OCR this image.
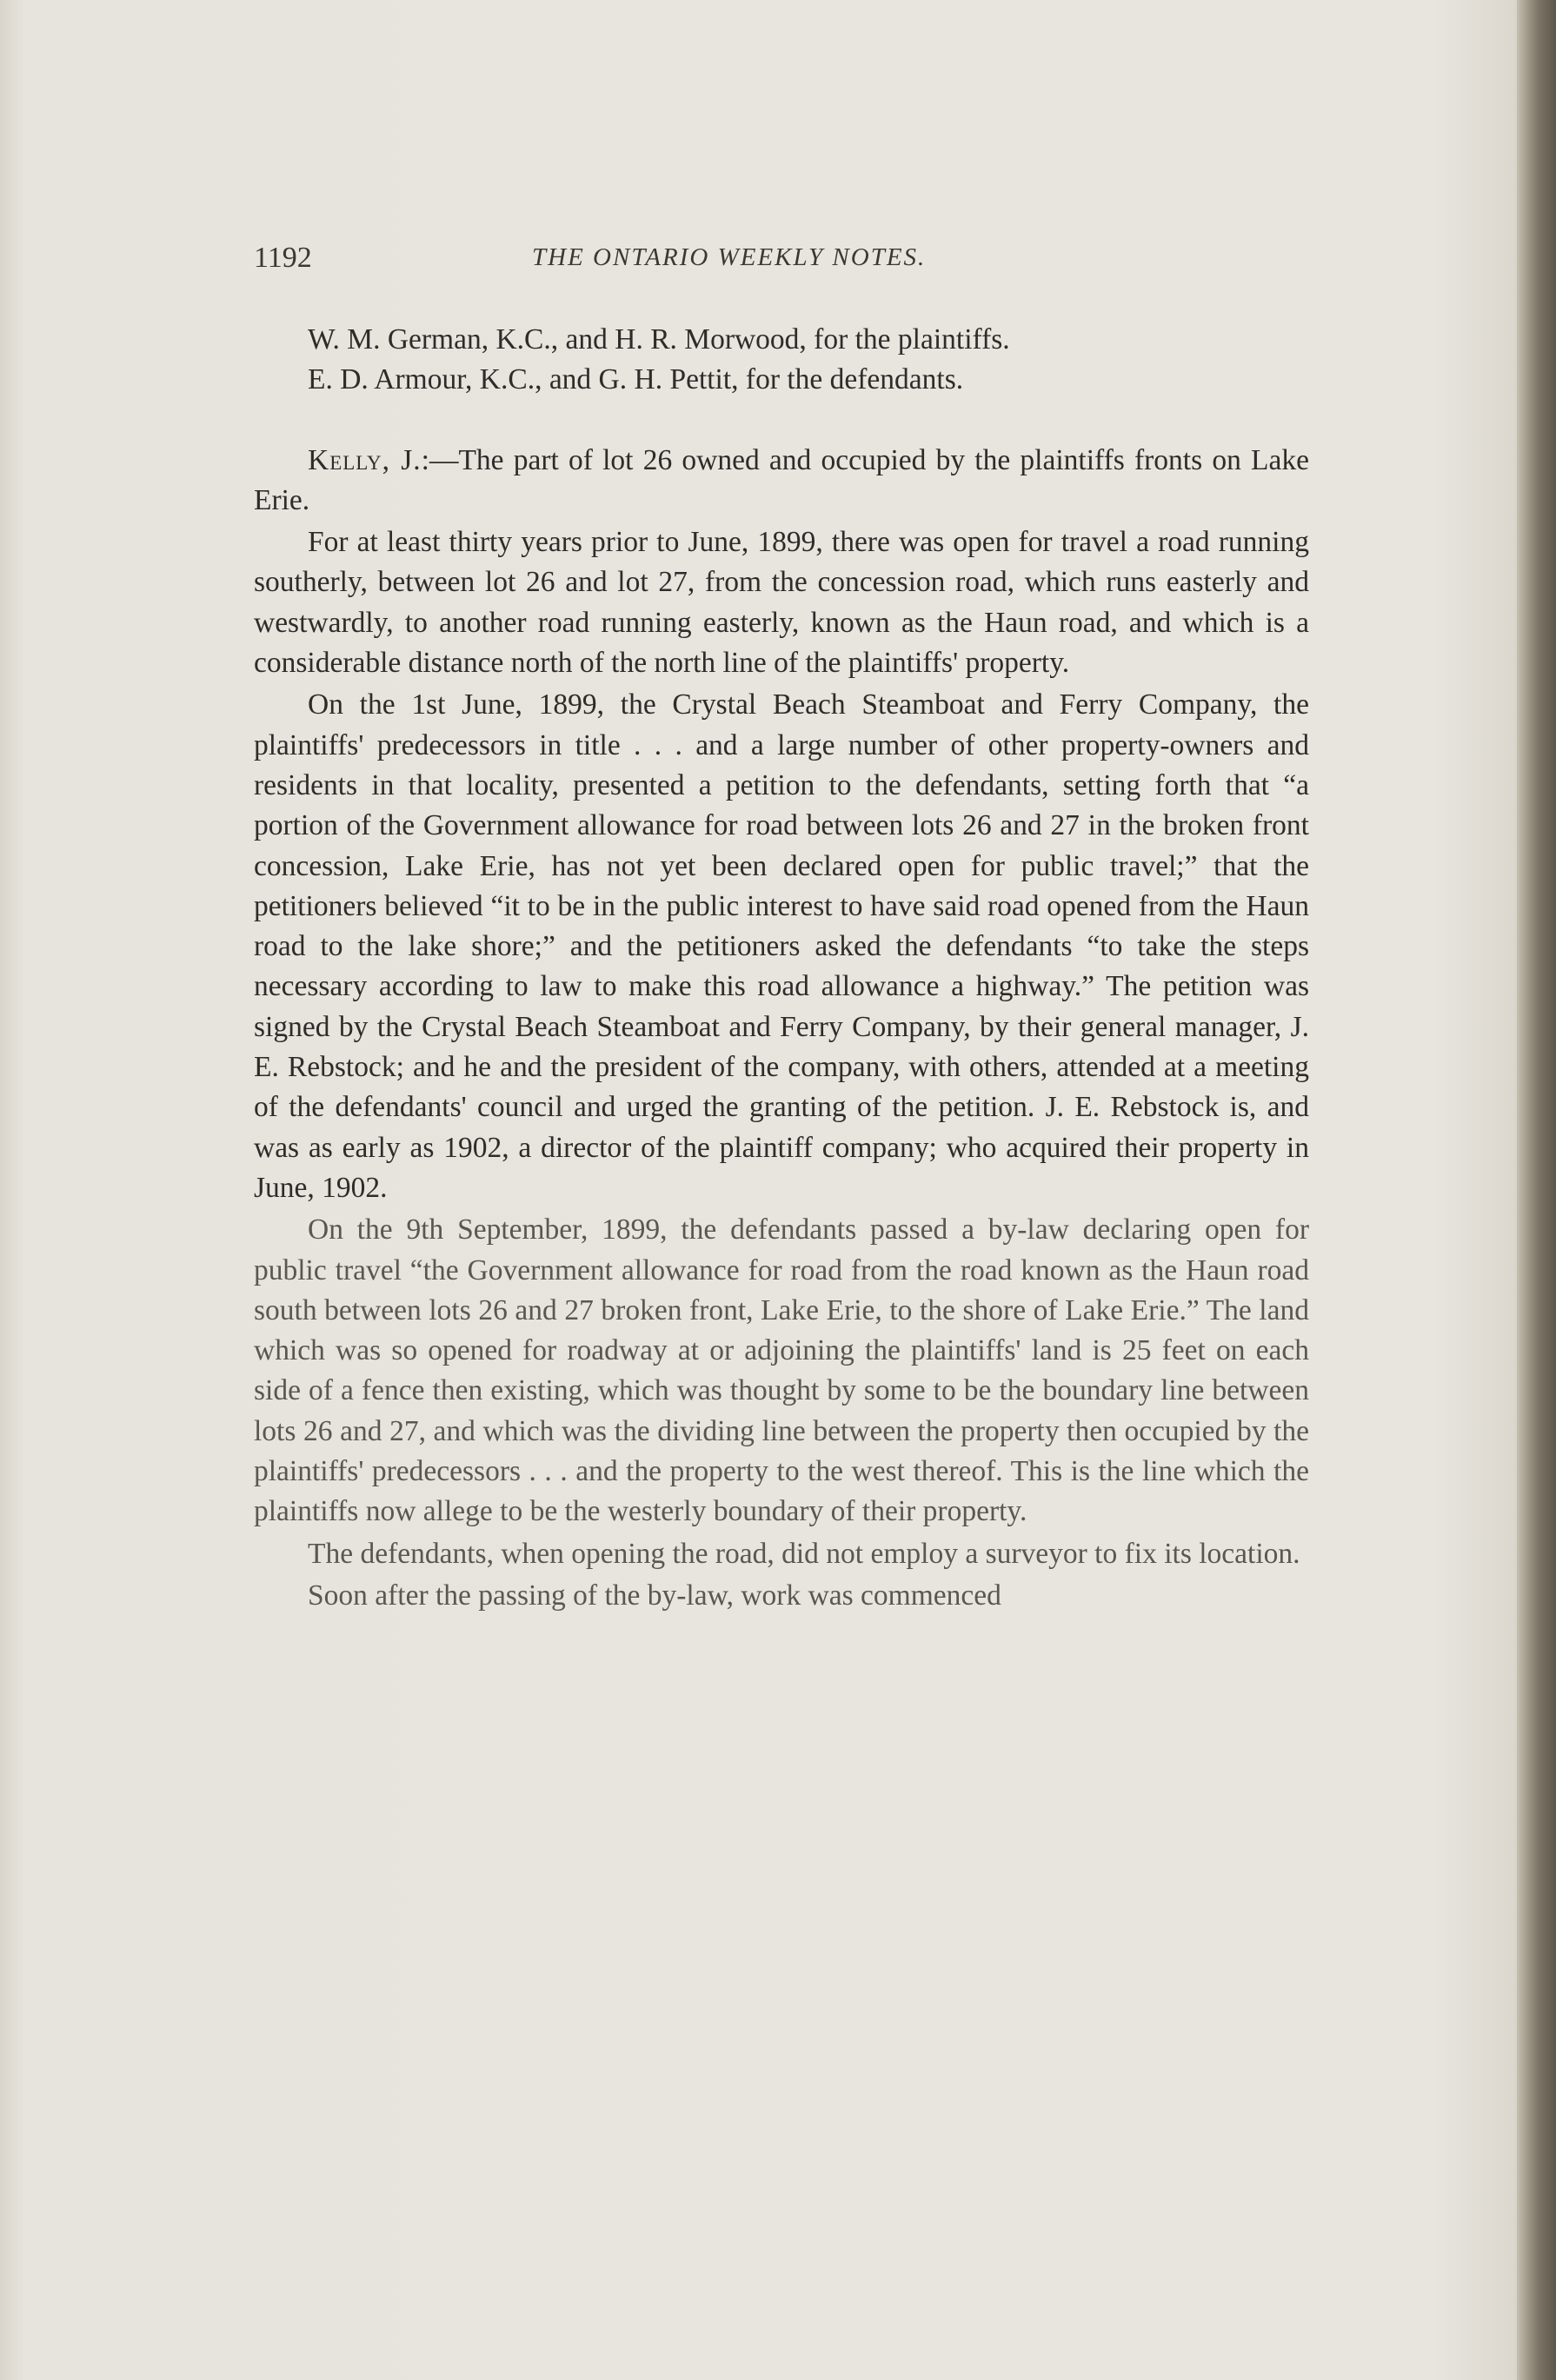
1192	THE ONTARIO WEEKLY NOTES.

W. M. German, K.C., and H. R. Morwood, for the plaintiffs.

E. D. Armour, K.C., and G. H. Pettit, for the defendants.

Kelly, J.:—The part of lot 26 owned and occupied by the plaintiffs fronts on Lake Erie.

For at least thirty years prior to June, 1899, there was open for travel a road running southerly, between lot 26 and lot 27, from the concession road, which runs easterly and westwardly, to another road running easterly, known as the Haun road, and which is a considerable distance north of the north line of the plaintiffs' property.

On the 1st June, 1899, the Crystal Beach Steamboat and Ferry Company, the plaintiffs' predecessors in title . . . and a large number of other property-owners and residents in that locality, presented a petition to the defendants, setting forth that “a portion of the Government allowance for road between lots 26 and 27 in the broken front concession, Lake Erie, has not yet been declared open for public travel;” that the petitioners believed “it to be in the public interest to have said road opened from the Haun road to the lake shore;” and the petitioners asked the defendants “to take the steps necessary according to law to make this road allowance a highway.” The petition was signed by the Crystal Beach Steamboat and Ferry Company, by their general manager, J. E. Rebstock; and he and the president of the company, with others, attended at a meeting of the defendants' council and urged the granting of the petition. J. E. Rebstock is, and was as early as 1902, a director of the plaintiff company; who acquired their property in June, 1902.

On the 9th September, 1899, the defendants passed a by-law declaring open for public travel “the Government allowance for road from the road known as the Haun road south between lots 26 and 27 broken front, Lake Erie, to the shore of Lake Erie.” The land which was so opened for roadway at or adjoining the plaintiffs' land is 25 feet on each side of a fence then existing, which was thought by some to be the boundary line between lots 26 and 27, and which was the dividing line between the property then occupied by the plaintiffs' predecessors . . . and the property to the west thereof. This is the line which the plaintiffs now allege to be the westerly boundary of their property.

The defendants, when opening the road, did not employ a surveyor to fix its location.

Soon after the passing of the by-law, work was commenced
